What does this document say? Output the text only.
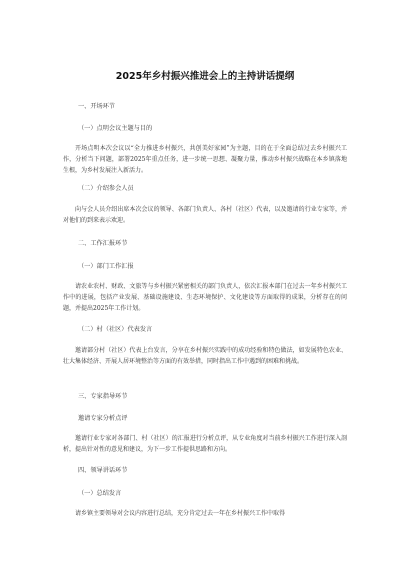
2025年乡村振兴推进会上的主持讲话提纲
一、开场环节
（一）点明会议主题与目的

开场点明本次会议以“全力推进乡村振兴，共创美好家园”为主题，目的在于全面总结过去乡村振兴工作，分析当下问题，部署2025年重点任务，进一步统一思想、凝聚力量，推动乡村振兴战略在本乡镇落地生根，为乡村发展注入新活力。

（二）介绍参会人员

向与会人员介绍出席本次会议的领导、各部门负责人、各村（社区）代表，以及邀请的行业专家等，并对他们的到来表示欢迎。

二、工作汇报环节
（一）部门工作汇报

请农业农村、财政、文旅等与乡村振兴紧密相关的部门负责人，依次汇报本部门在过去一年乡村振兴工作中的进展，包括产业发展、基础设施建设、生态环境保护、文化建设等方面取得的成果，分析存在的问题，并提出2025年工作计划。

（二）村（社区）代表发言

邀请部分村（社区）代表上台发言，分享在乡村振兴实践中的成功经验和特色做法，如发展特色农业、壮大集体经济、开展人居环境整治等方面的有效举措，同时指出工作中遇到的困难和挑战。

三、专家指导环节
邀请专家分析点评

邀请行业专家对各部门、村（社区）的汇报进行分析点评，从专业角度对当前乡村振兴工作进行深入剖析，提出针对性的意见和建议，为下一步工作提供思路和方向。

四、领导讲话环节
（一）总结发言

请乡镇主要领导对会议内容进行总结，充分肯定过去一年在乡村振兴工作中取得
